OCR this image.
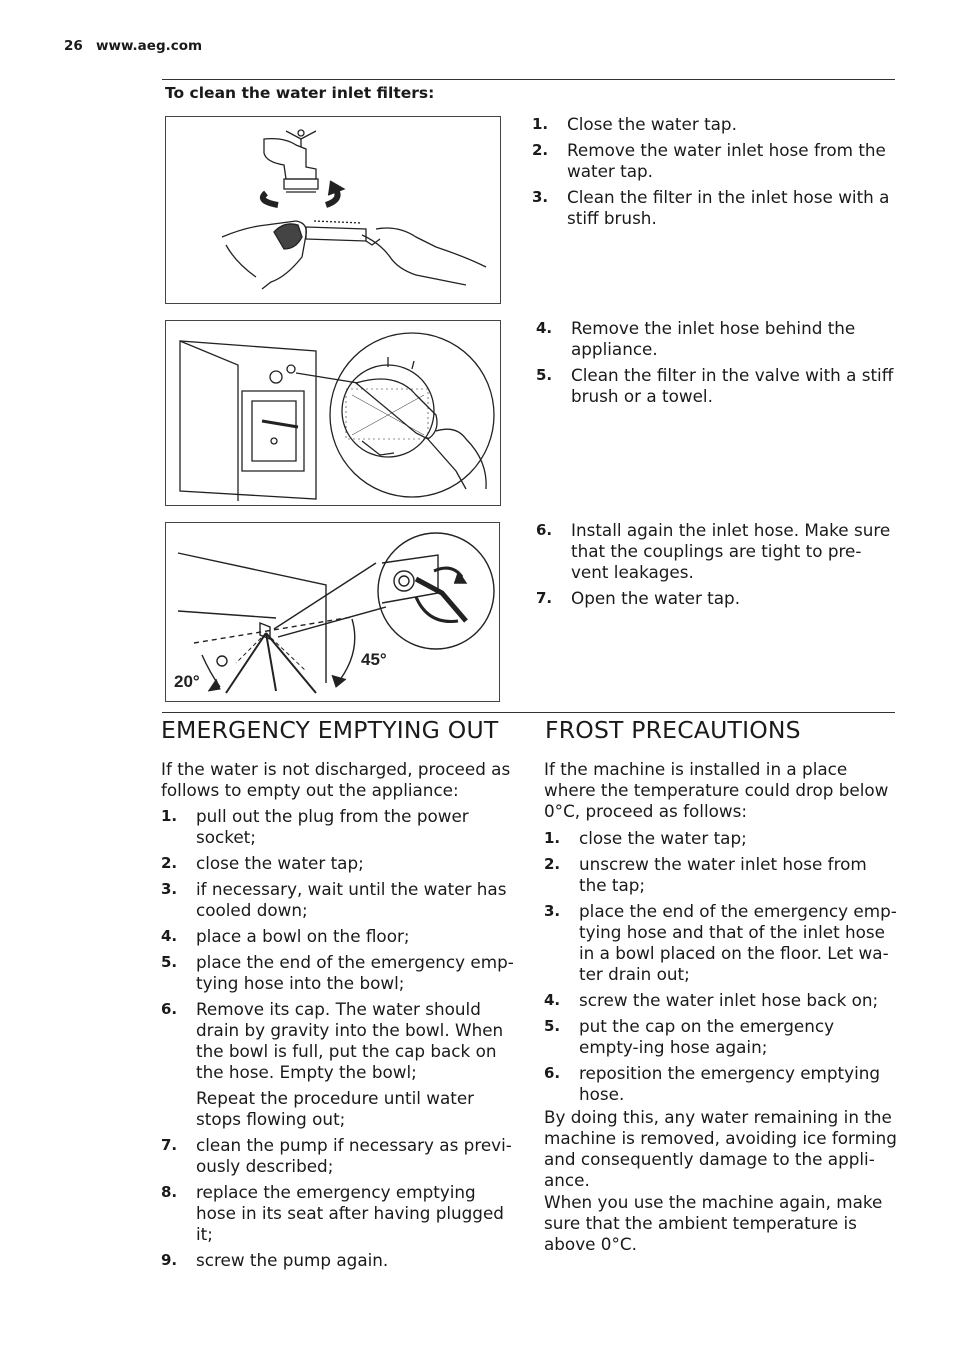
26 www.aeg.com
To clean the water inlet filters:
1. Close the water tap.
2. Remove the water inlet hose from the water tap.
3. Clean the filter in the inlet hose with a stiff brush.
4. Remove the inlet hose behind the appliance.
5. Clean the filter in the valve with a stiff brush or a towel.
20°
45°
6. Install again the inlet hose. Make sure that the couplings are tight to pre-vent leakages.
7. Open the water tap.
EMERGENCY EMPTYING OUT

If the water is not discharged, proceed as follows to empty out the appliance:

1. pull out the plug from the power socket;
2. close the water tap;
3. if necessary, wait until the water has cooled down;
4. place a bowl on the floor;
5. place the end of the emergency emp-tying hose into the bowl;
6. Remove its cap. The water should drain by gravity into the bowl. When the bowl is full, put the cap back on the hose. Empty the bowl;

Repeat the procedure until water stops flowing out;

7. clean the pump if necessary as previ-ously described;
8. replace the emergency emptying hose in its seat after having plugged it;
9. screw the pump again.
FROST PRECAUTIONS

If the machine is installed in a place where the temperature could drop below 0°C, proceed as follows:

1. close the water tap;
2. unscrew the water inlet hose from the tap;
3. place the end of the emergency emp-tying hose and that of the inlet hose in a bowl placed on the floor. Let wa-ter drain out;
4. screw the water inlet hose back on;
5. put the cap on the emergency empty-ing hose again;
6. reposition the emergency emptying hose.

By doing this, any water remaining in the machine is removed, avoiding ice forming and consequently damage to the appli-ance.

When you use the machine again, make sure that the ambient temperature is above 0°C.
